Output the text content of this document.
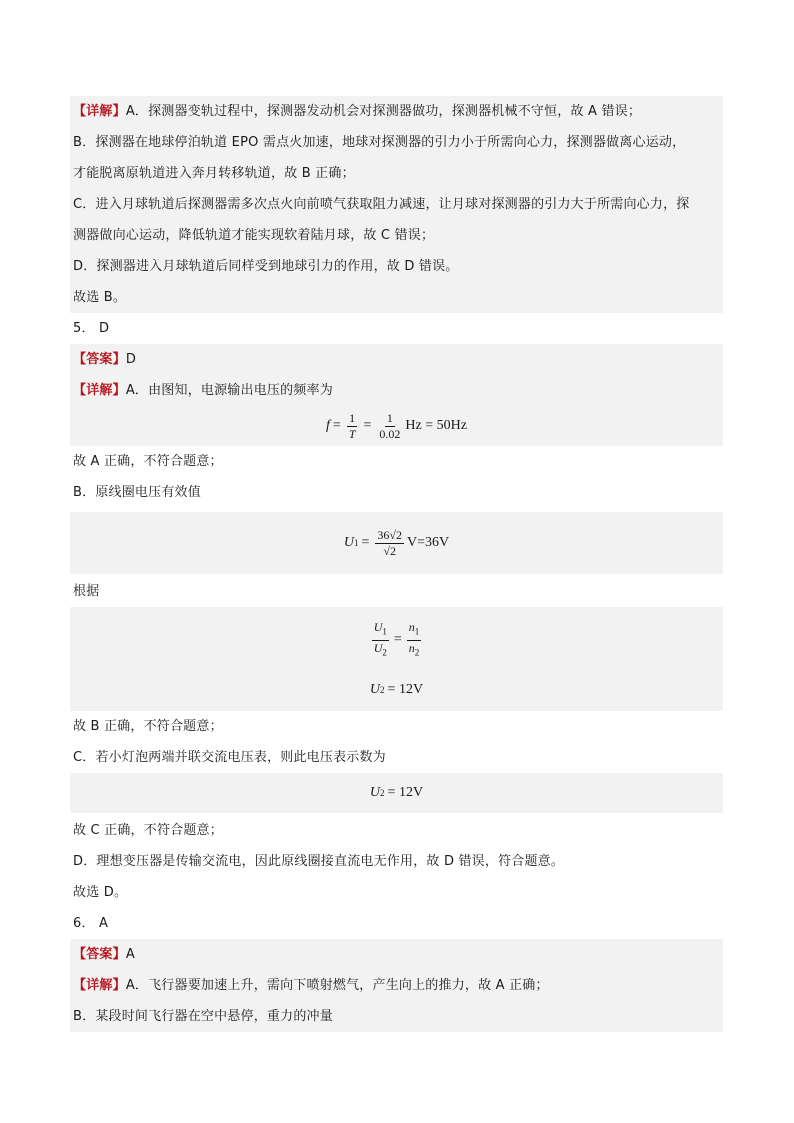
【详解】A．探测器变轨过程中，探测器发动机会对探测器做功，探测器机械不守恒，故 A 错误；
B．探测器在地球停泊轨道 EPO 需点火加速，地球对探测器的引力小于所需向心力，探测器做离心运动，
才能脱离原轨道进入奔月转移轨道，故 B 正确；
C．进入月球轨道后探测器需多次点火向前喷气获取阻力减速，让月球对探测器的引力大于所需向心力，探
测器做向心运动，降低轨道才能实现软着陆月球，故 C 错误；
D．探测器进入月球轨道后同样受到地球引力的作用，故 D 错误。
故选 B。
5． D
【答案】D
【详解】A．由图知，电源输出电压的频率为
$f = \frac{1}{T} = \frac{1}{0.02}$ Hz = 50Hz
故 A 正确，不符合题意；
B．原线圈电压有效值
U $1 = \frac{36√2}{√2} V=36V$
根据
$\frac{U_1}{U_2} = \frac{n_1}{n_2}$
U 2 = 12V
故 B 正确，不符合题意；
C．若小灯泡两端并联交流电压表，则此电压表示数为
U 2 = 12V
故 C 正确，不符合题意；
D．理想变压器是传输交流电，因此原线圈接直流电无作用，故 D 错误，符合题意。
故选 D。
6． A
【答案】A
【详解】A．飞行器要加速上升，需向下喷射燃气，产生向上的推力，故 A 正确；
B．某段时间飞行器在空中悬停，重力的冲量
